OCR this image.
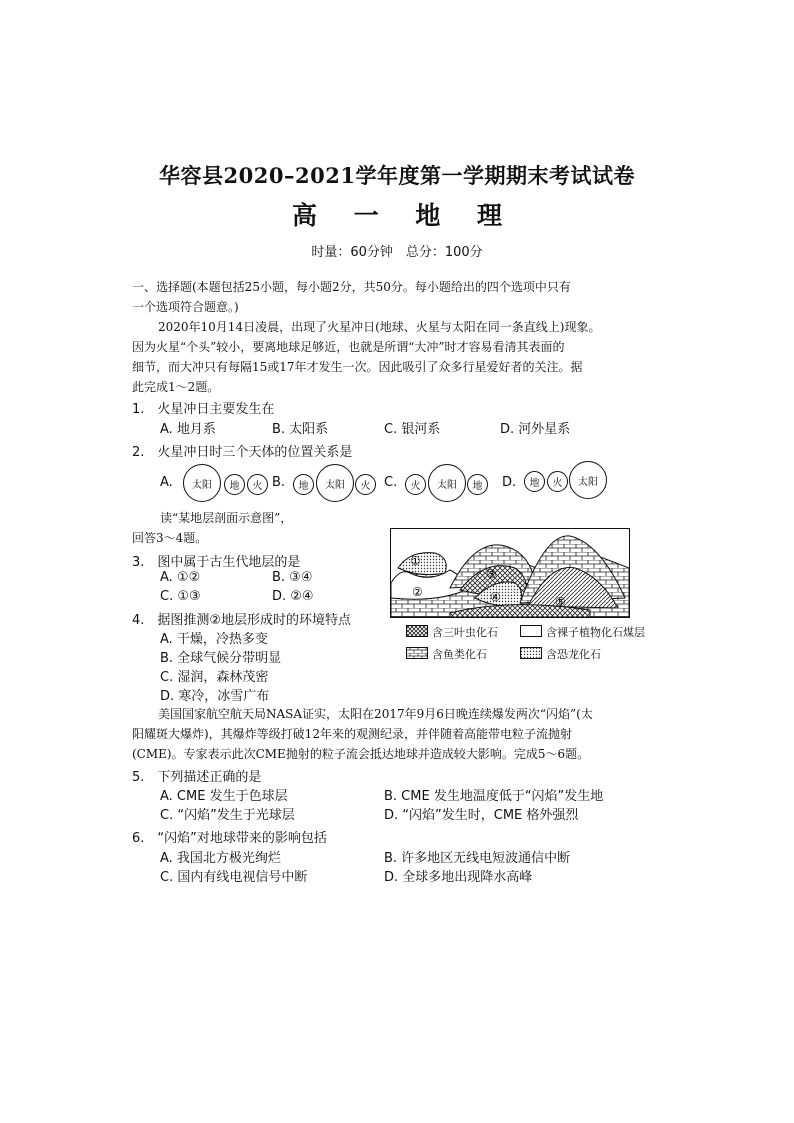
华容县2020–2021学年度第一学期期末考试试卷
高 一 地 理
时量：60分钟　总分：100分
一、选择题(本题包括25小题，每小题2分，共50分。每小题给出的四个选项中只有
一个选项符合题意。)
2020年10月14日凌晨，出现了火星冲日(地球、火星与太阳在同一条直线上)现象。
因为火星“个头”较小，要离地球足够近，也就是所谓“大冲”时才容易看清其表面的
细节，而大冲只有每隔15或17年才发生一次。因此吸引了众多行星爱好者的关注。据
此完成1～2题。
1.　火星冲日主要发生在
A. 地月系	B. 太阳系	C. 银河系	D. 河外星系
2.　火星冲日时三个天体的位置关系是
A.	太阳	地	火 B.	地	太阳	火	C.	火	太阳	地	D.	地	火	太阳
读“某地层剖面示意图”，
回答3～4题。
3.　图中属于古生代地层的是
A. ①②	B. ③④
C. ①③	D. ②④
4.　据图推测②地层形成时的环境特点
A. 干燥，冷热多变
B. 全球气候分带明显
C. 湿润，森林茂密
D. 寒冷，冰雪广布
①
②
③
④	⑤
含三叶虫化石	含裸子植物化石煤层
含鱼类化石	含恐龙化石
美国国家航空航天局NASA证实，太阳在2017年9月6日晚连续爆发两次“闪焰”(太
阳耀斑大爆炸)，其爆炸等级打破12年来的观测纪录，并伴随着高能带电粒子流抛射
(CME)。专家表示此次CME抛射的粒子流会抵达地球并造成较大影响。完成5～6题。
5.　下列描述正确的是
A. CME 发生于色球层	B. CME 发生地温度低于“闪焰”发生地
C. “闪焰”发生于光球层	D. “闪焰”发生时，CME 格外强烈
6.　“闪焰”对地球带来的影响包括
A. 我国北方极光绚烂	B. 许多地区无线电短波通信中断
C. 国内有线电视信号中断	D. 全球多地出现降水高峰
